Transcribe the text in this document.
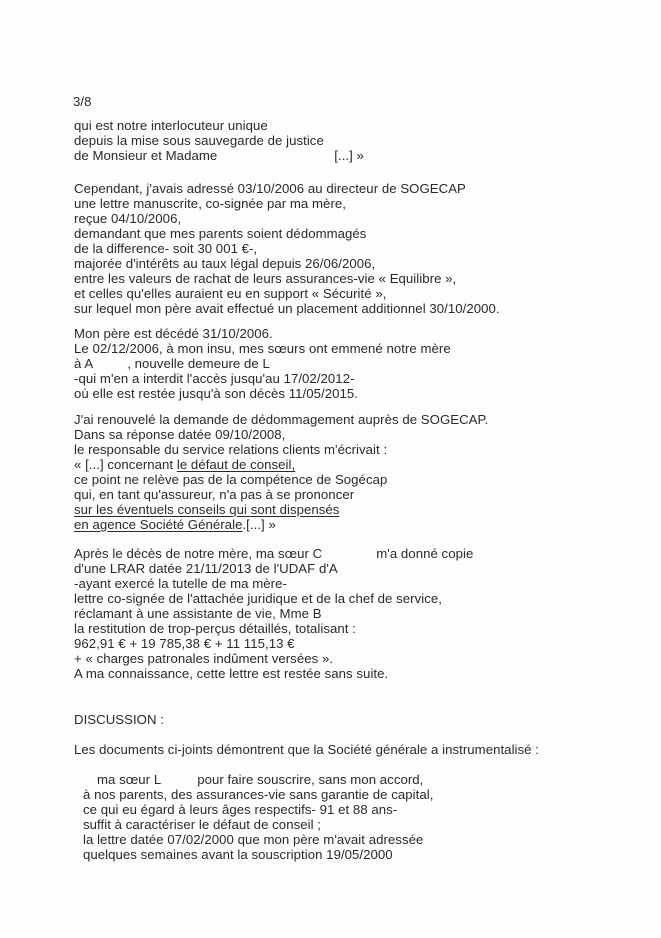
3/8
qui est notre interlocuteur unique
depuis la mise sous sauvegarde de justice
de Monsieur et Madame	[...] »
Cependant, j'avais adressé 03/10/2006 au directeur de SOGECAP
une lettre manuscrite, co-signée par ma mère,
reçue 04/10/2006,
demandant que mes parents soient dédommagés
de la difference- soit 30 001 €-,
majorée d'intérêts au taux légal depuis 26/06/2006,
entre les valeurs de rachat de leurs assurances-vie « Equilibre »,
et celles qu'elles auraient eu en support « Sécurité »,
sur lequel mon père avait effectué un placement additionnel 30/10/2000.
Mon père est décédé 31/10/2006.
Le 02/12/2006, à mon insu, mes sœurs ont emmené notre mère
à A	, nouvelle demeure de L
-qui m'en a interdit l'accès jusqu'au 17/02/2012-
où elle est restée jusqu'à son décès 11/05/2015.
J'ai renouvelé la demande de dédommagement auprès de SOGECAP.
Dans sa réponse datée 09/10/2008,
le responsable du service relations clients m'écrivait :
« [...] concernant le défaut de conseil,
ce point ne relève pas de la compétence de Sogécap
qui, en tant qu'assureur, n'a pas à se prononcer
sur les éventuels conseils qui sont dispensés
en agence Société Générale.[...] »
Après le décès de notre mère, ma sœur C	m'a donné copie
d'une LRAR datée 21/11/2013 de l'UDAF d'A
-ayant exercé la tutelle de ma mère-
lettre co-signée de l'attachée juridique et de la chef de service,
réclamant à une assistante de vie, Mme B
la restitution de trop-perçus détaillés, totalisant :
962,91 € + 19 785,38 € + 11 115,13 €
+ « charges patronales indûment versées ».
A ma connaissance, cette lettre est restée sans suite.
DISCUSSION :
Les documents ci-joints démontrent que la Société générale a instrumentalisé :
ma sœur L	pour faire souscrire, sans mon accord,
à nos parents, des assurances-vie sans garantie de capital,
ce qui eu égard à leurs âges respectifs- 91 et 88 ans-
suffit à caractériser le défaut de conseil ;
la lettre datée 07/02/2000 que mon père m'avait adressée
quelques semaines avant la souscription 19/05/2000
